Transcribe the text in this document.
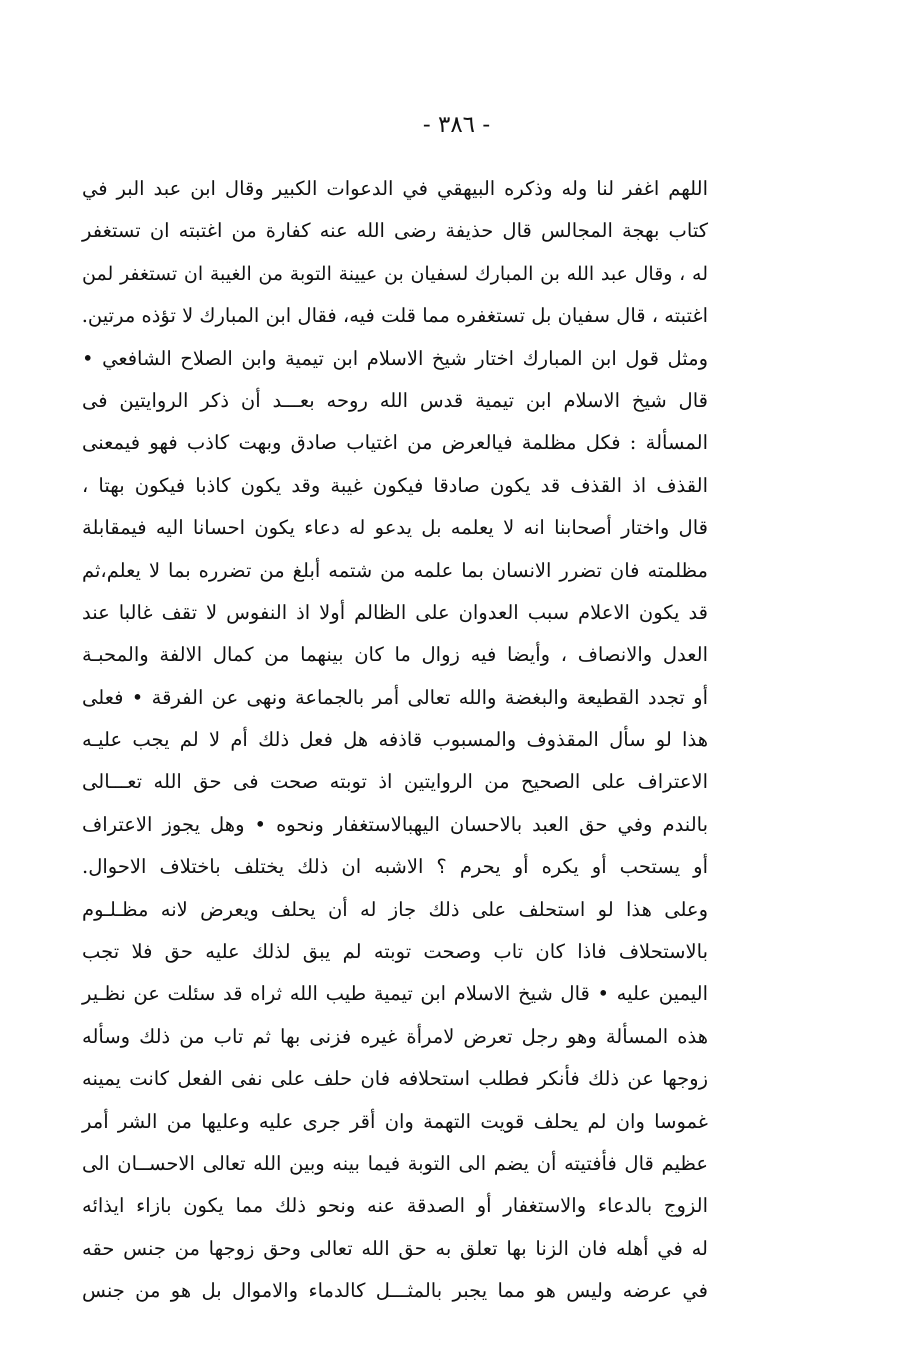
- ٣٨٦ -
اللهم اغفر لنا وله وذكره البيهقي في الدعوات الكبير وقال ابن عبد البر في
كتاب بهجة المجالس قال حذيفة رضى الله عنه كفارة من اغتبته ان تستغفر
له ، وقال عبد الله بن المبارك لسفيان بن عيينة التوبة من الغيبة ان تستغفر لمن
اغتبته ، قال سفيان بل تستغفره مما قلت فيه، فقال ابن المبارك لا تؤذه مرتين.
ومثل قول ابن المبارك اختار شيخ الاسلام ابن تيمية وابن الصلاح الشافعي •
قال شيخ الاسلام ابن تيمية قدس الله روحه بعـــد أن ذكر الروايتين فى
المسألة : فكل مظلمة فيالعرض من اغتياب صادق وبهت كاذب فهو فيمعنى
القذف اذ القذف قد يكون صادقا فيكون غيبة وقد يكون كاذبا فيكون بهتا ،
قال واختار أصحابنا انه لا يعلمه بل يدعو له دعاء يكون احسانا اليه فيمقابلة
مظلمته فان تضرر الانسان بما علمه من شتمه أبلغ من تضرره بما لا يعلم،ثم
قد يكون الاعلام سبب العدوان على الظالم أولا اذ النفوس لا تقف غالبا عند
العدل والانصاف ، وأيضا فيه زوال ما كان بينهما من كمال الالفة والمحبـة
أو تجدد القطيعة والبغضة والله تعالى أمر بالجماعة ونهى عن الفرقة • فعلى
هذا لو سأل المقذوف والمسبوب قاذفه هل فعل ذلك أم لا لم يجب عليـه
الاعتراف على الصحيح من الروايتين اذ توبته صحت فى حق الله تعـــالى
بالندم وفي حق العبد بالاحسان اليهبالاستغفار ونحوه • وهل يجوز الاعتراف
أو يستحب أو يكره أو يحرم ؟ الاشبه ان ذلك يختلف باختلاف الاحوال.
وعلى هذا لو استحلف على ذلك جاز له أن يحلف ويعرض لانه مظـلـوم
بالاستحلاف فاذا كان تاب وصحت توبته لم يبق لذلك عليه حق فلا تجب
اليمين عليه • قال شيخ الاسلام ابن تيمية طيب الله ثراه قد سئلت عن نظـير
هذه المسألة وهو رجل تعرض لامرأة غيره فزنى بها ثم تاب من ذلك وسأله
زوجها عن ذلك فأنكر فطلب استحلافه فان حلف على نفى الفعل كانت يمينه
غموسا وان لم يحلف قويت التهمة وان أقر جرى عليه وعليها من الشر أمر
عظيم قال فأفتيته أن يضم الى التوبة فيما بينه وبين الله تعالى الاحســان الى
الزوج بالدعاء والاستغفار أو الصدقة عنه ونحو ذلك مما يكون بازاء ايذائه
له في أهله فان الزنا بها تعلق به حق الله تعالى وحق زوجها من جنس حقه
في عرضه وليس هو مما يجبر بالمثـــل كالدماء والاموال بل هو من جنس
